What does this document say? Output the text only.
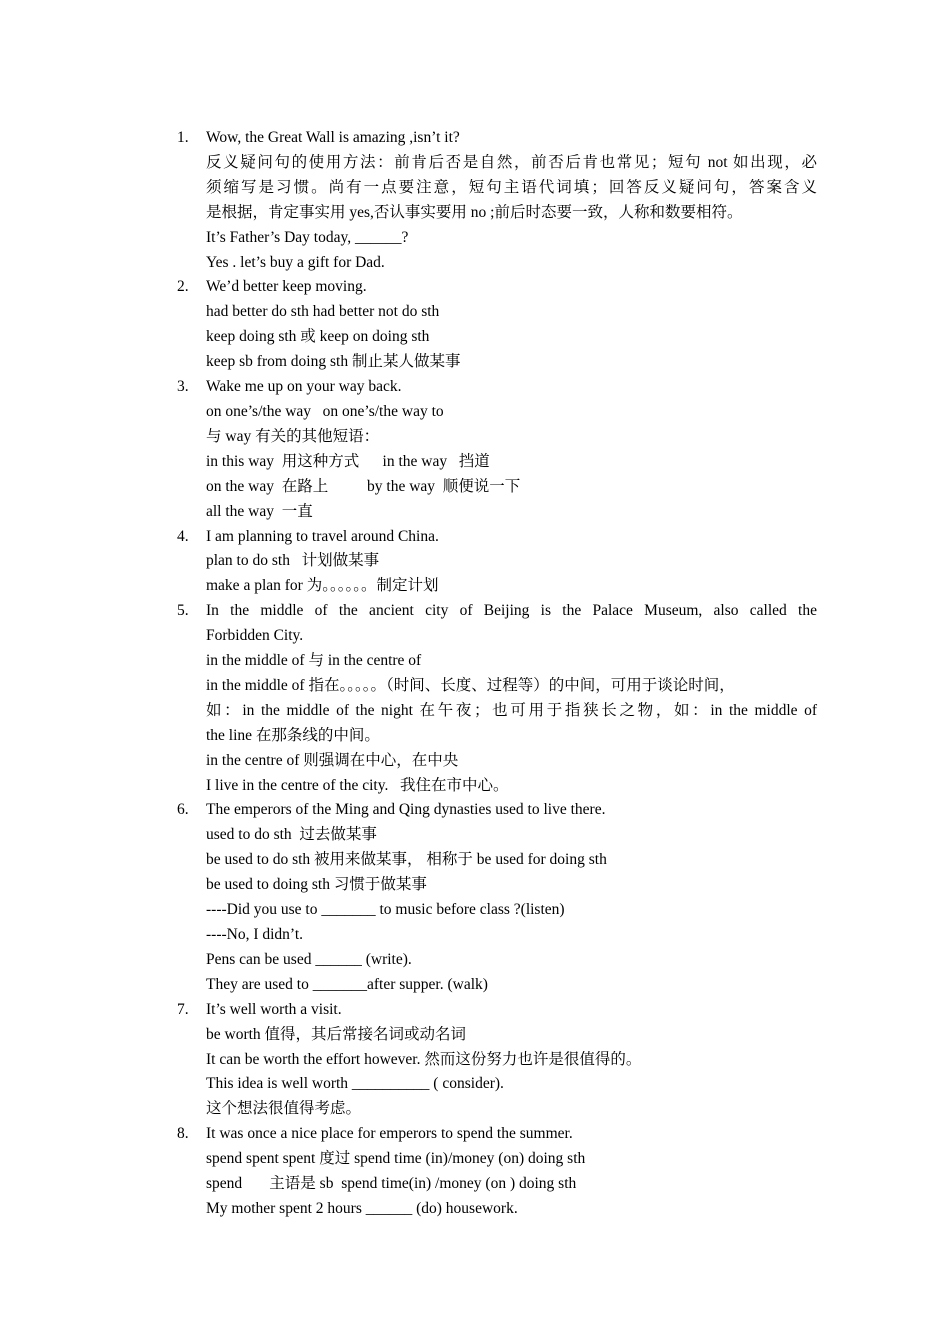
1.	Wow, the Great Wall is amazing ,isn’t it?
反义疑问句的使用方法：前肯后否是自然，前否后肯也常见；短句 not 如出现，必
须缩写是习惯。尚有一点要注意，短句主语代词填；回答反义疑问句，答案含义
是根据，肯定事实用 yes,否认事实要用 no ;前后时态要一致，人称和数要相符。
It’s Father’s Day today, ______?
Yes . let’s buy a gift for Dad.
2.	We’d better keep moving.
had better do sth had better not do sth
keep doing sth 或 keep on doing sth
keep sb from doing sth 制止某人做某事
3.	Wake me up on your way back.
on one’s/the way   on one’s/the way to
与 way 有关的其他短语：
in this way  用这种方式      in the way   挡道
on the way  在路上          by the way  顺便说一下
all the way  一直
4.	I am planning to travel around China.
plan to do sth   计划做某事
make a plan for 为。。。。。。制定计划
5.	In the middle of the ancient city of Beijing is the Palace Museum, also called the
Forbidden City.
in the middle of 与 in the centre of
in the middle of 指在。。。。。（时间、长度、过程等）的中间，可用于谈论时间，
如：in the middle of the night 在午夜；也可用于指狭长之物，如：in the middle of
the line 在那条线的中间。
in the centre of 则强调在中心，在中央
I live in the centre of the city.   我住在市中心。
6.	The emperors of the Ming and Qing dynasties used to live there.
used to do sth  过去做某事
be used to do sth 被用来做某事， 相称于 be used for doing sth
be used to doing sth 习惯于做某事
----Did you use to _______ to music before class ?(listen)
----No, I didn’t.
Pens can be used ______ (write).
They are used to _______after supper. (walk)
7.	It’s well worth a visit.
be worth 值得，其后常接名词或动名词
It can be worth the effort however. 然而这份努力也许是很值得的。
This idea is well worth __________ ( consider).
这个想法很值得考虑。
8.	It was once a nice place for emperors to spend the summer.
spend spent spent 度过 spend time (in)/money (on) doing sth
spend       主语是 sb  spend time(in) /money (on ) doing sth
My mother spent 2 hours ______ (do) housework.
